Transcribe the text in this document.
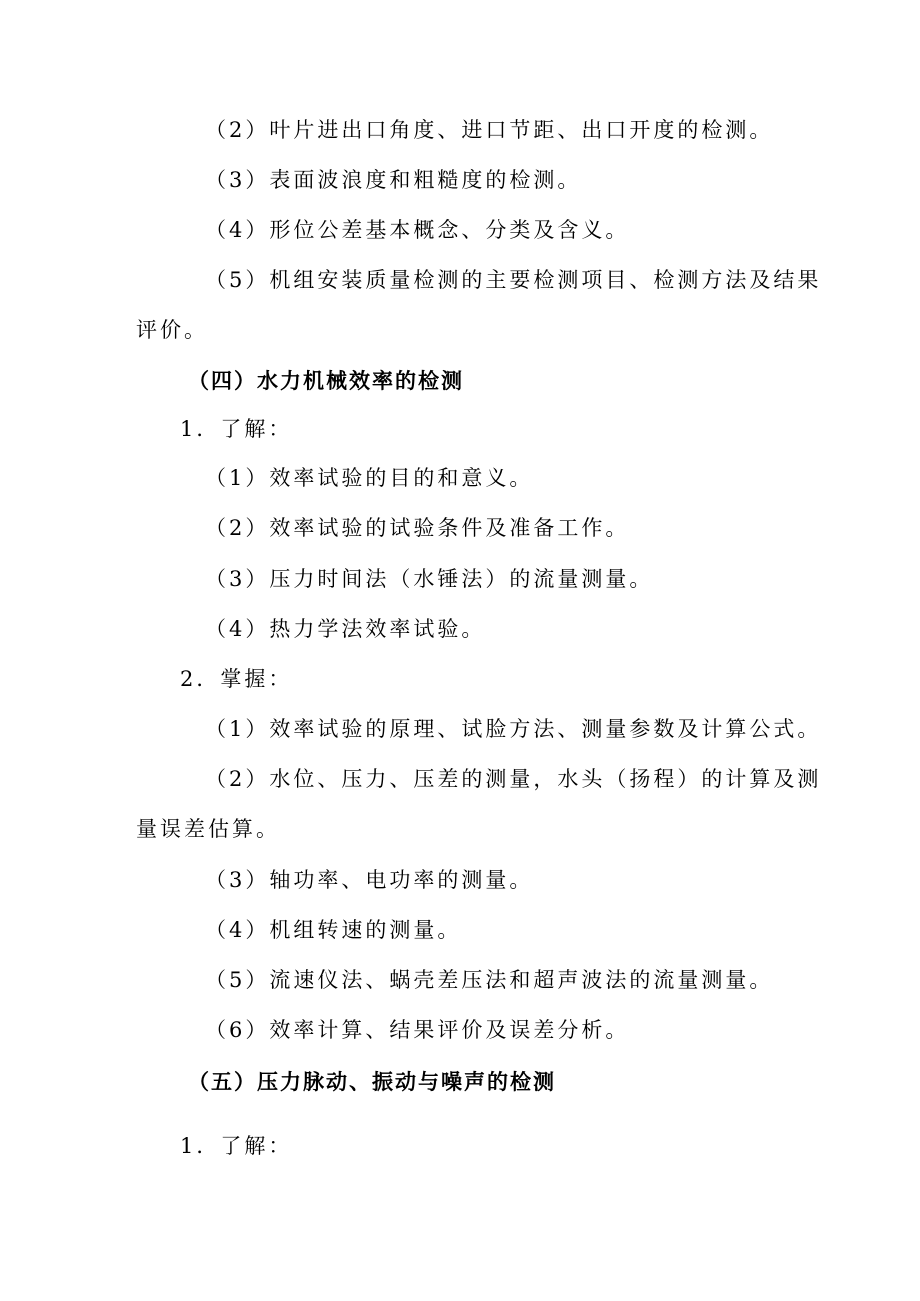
（2）叶片进出口角度、进口节距、出口开度的检测。
（3）表面波浪度和粗糙度的检测。
（4）形位公差基本概念、分类及含义。
（5）机组安装质量检测的主要检测项目、检测方法及结果
评价。
（四）水力机械效率的检测
1．了解：
（1）效率试验的目的和意义。
（2）效率试验的试验条件及准备工作。
（3）压力时间法（水锤法）的流量测量。
（4）热力学法效率试验。
2．掌握：
（1）效率试验的原理、试脸方法、测量参数及计算公式。
（2）水位、压力、压差的测量，水头（扬程）的计算及测
量误差估算。
（3）轴功率、电功率的测量。
（4）机组转速的测量。
（5）流速仪法、蜗壳差压法和超声波法的流量测量。
（6）效率计算、结果评价及误差分析。
（五）压力脉动、振动与噪声的检测
1．了解：
